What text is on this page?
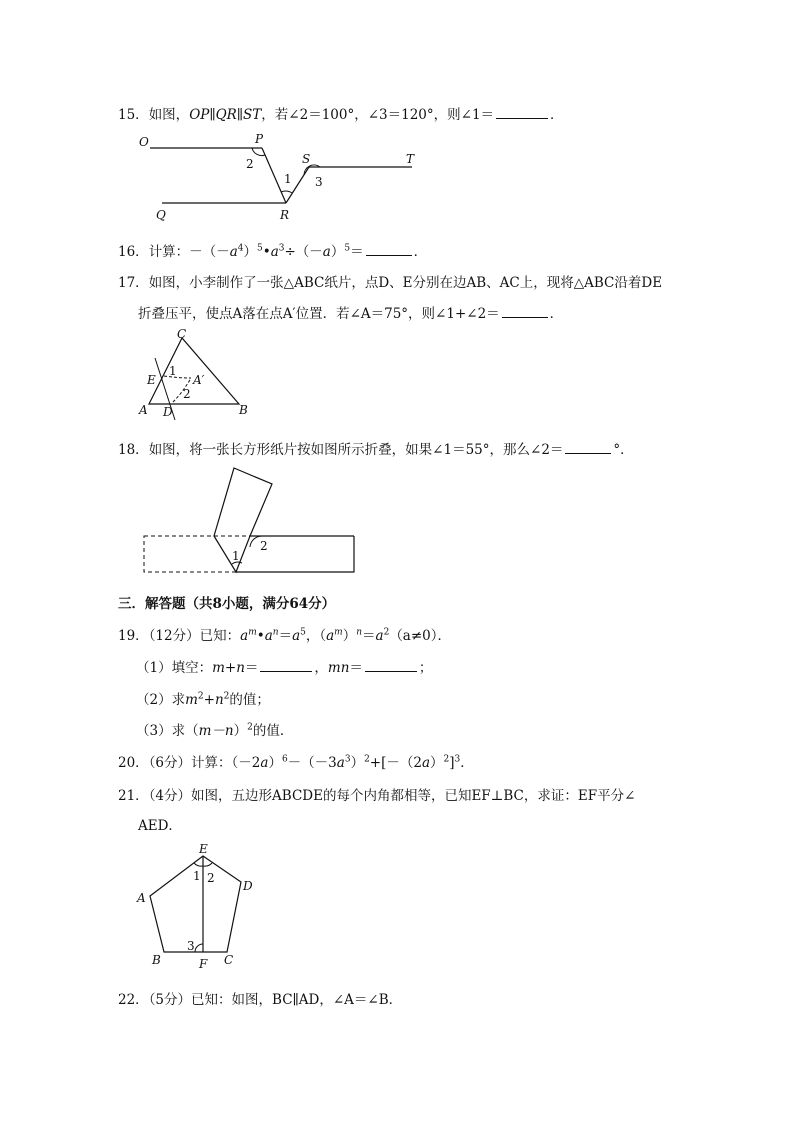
15．如图，OP∥QR∥ST，若∠2＝100°，∠3＝120°，则∠1＝	．
O	P
Q	R
S	T
1
2
3
16．计算：$-(-a^4)^5•a^3\div(-a)^5=$	．
17．如图，小李制作了一张△ABC纸片，点D、E分别在边AB、AC上，现将△ABC沿着DE
折叠压平，使点A落在点A′位置．若∠A＝75°，则∠1+∠2＝	．
C
E	A′
A D	B
1
2
18．如图，将一张长方形纸片按如图所示折叠，如果∠1＝55°，那么∠2＝	°．
1
2
三．解答题（共8小题，满分64分）
19．（12分）已知：$a^m•a^n=a^5$，$(a^m)^n=a^2(a\ne 0)$．
（1）填空：m+n＝	，mn＝	；
（2）求$m^2+n^2$的值；
（3）求$(m-n)^2$的值．
20．（6分）计算：$(-2a)^6-(-3a^3)^2+[-(2a)^2]^3$．
21．（4分）如图，五边形ABCDE的每个内角都相等，已知EF⊥BC，求证：EF平分∠
AED．
E
D
A
B	C
F
1 2
3
22．（5分）已知：如图，BC∥AD，∠A＝∠B．
